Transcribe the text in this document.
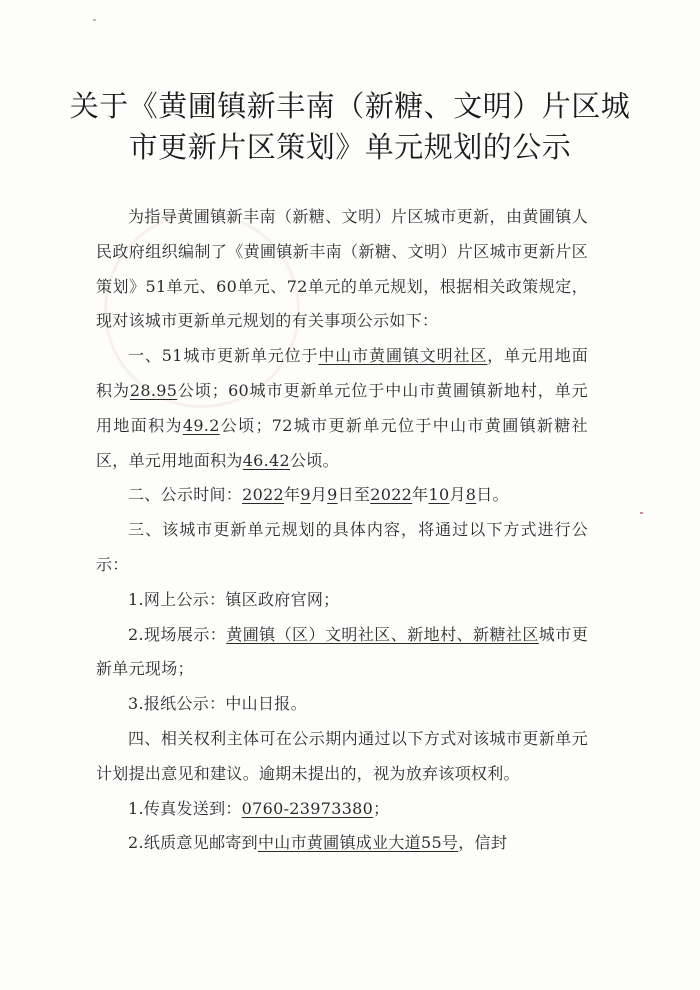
关于《黄圃镇新丰南（新糖、文明）片区城
市更新片区策划》单元规划的公示

为指导黄圃镇新丰南（新糖、文明）片区城市更新，由黄圃镇人民政府组织编制了《黄圃镇新丰南（新糖、文明）片区城市更新片区策划》51单元、60单元、72单元的单元规划，根据相关政策规定，现对该城市更新单元规划的有关事项公示如下：

一、51城市更新单元位于中山市黄圃镇文明社区，单元用地面积为28.95公顷；60城市更新单元位于中山市黄圃镇新地村，单元用地面积为49.2公顷；72城市更新单元位于中山市黄圃镇新糖社区，单元用地面积为46.42公顷。

二、公示时间：2022年9月9日至2022年10月8日。

三、该城市更新单元规划的具体内容，将通过以下方式进行公示：

1.网上公示：镇区政府官网；

2.现场展示：黄圃镇（区）文明社区、新地村、新糖社区城市更新单元现场；

3.报纸公示：中山日报。

四、相关权利主体可在公示期内通过以下方式对该城市更新单元计划提出意见和建议。逾期未提出的，视为放弃该项权利。

1.传真发送到：0760-23973380；

2.纸质意见邮寄到中山市黄圃镇成业大道55号，信封
